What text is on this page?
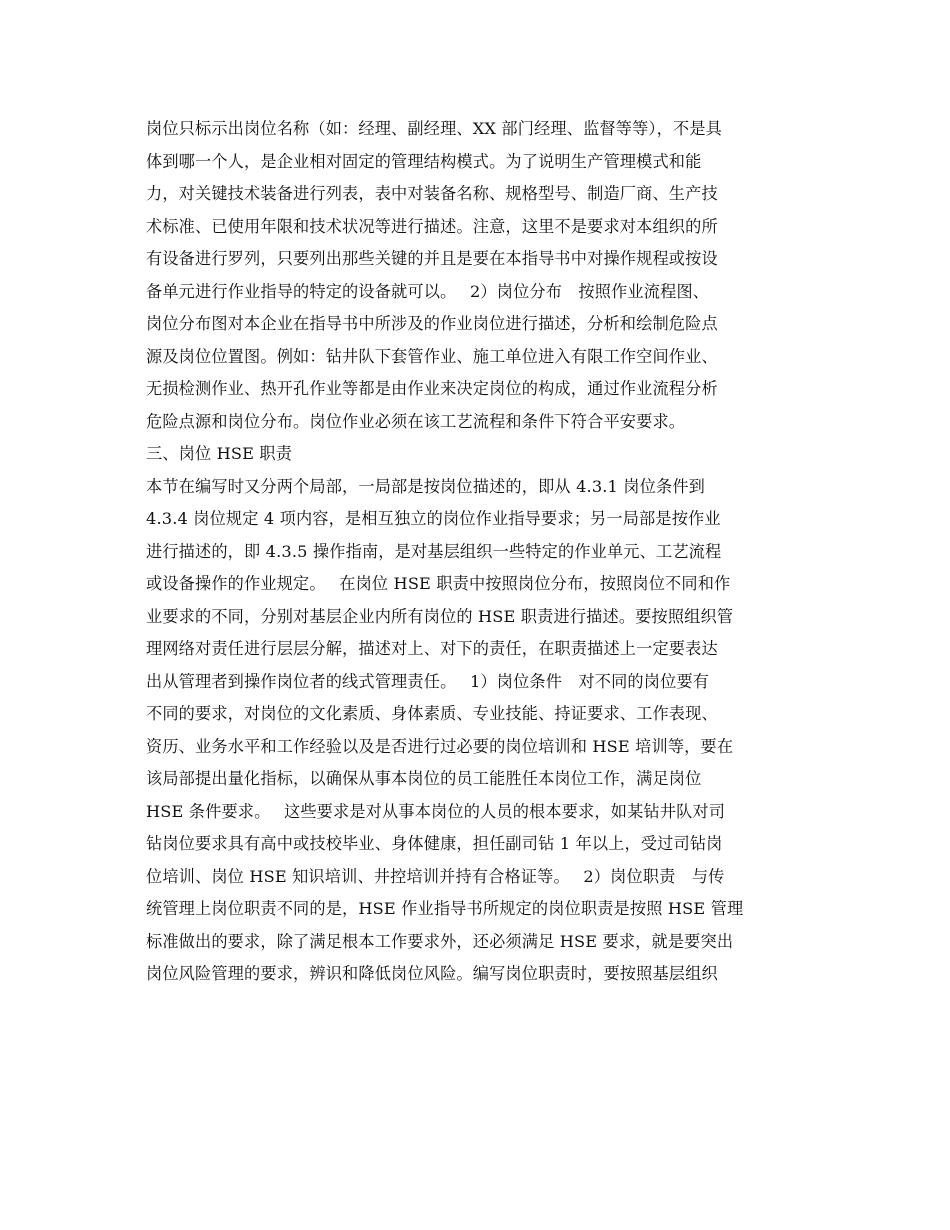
岗位只标示出岗位名称（如：经理、副经理、XX 部门经理、监督等等），不是具
体到哪一个人，是企业相对固定的管理结构模式。为了说明生产管理模式和能
力，对关键技术装备进行列表，表中对装备名称、规格型号、制造厂商、生产技
术标准、已使用年限和技术状况等进行描述。注意，这里不是要求对本组织的所
有设备进行罗列，只要列出那些关键的并且是要在本指导书中对操作规程或按设
备单元进行作业指导的特定的设备就可以。　 2）岗位分布　按照作业流程图、
岗位分布图对本企业在指导书中所涉及的作业岗位进行描述，分析和绘制危险点
源及岗位位置图。例如：钻井队下套管作业、施工单位进入有限工作空间作业、
无损检测作业、热开孔作业等都是由作业来决定岗位的构成，通过作业流程分析
危险点源和岗位分布。岗位作业必须在该工艺流程和条件下符合平安要求。
三、岗位 HSE 职责
本节在编写时又分两个局部，一局部是按岗位描述的，即从 4.3.1 岗位条件到
4.3.4 岗位规定 4 项内容，是相互独立的岗位作业指导要求；另一局部是按作业
进行描述的，即 4.3.5 操作指南，是对基层组织一些特定的作业单元、工艺流程
或设备操作的作业规定。　 在岗位 HSE 职责中按照岗位分布，按照岗位不同和作
业要求的不同，分别对基层企业内所有岗位的 HSE 职责进行描述。要按照组织管
理网络对责任进行层层分解，描述对上、对下的责任，在职责描述上一定要表达
出从管理者到操作岗位者的线式管理责任。　 1）岗位条件　对不同的岗位要有
不同的要求，对岗位的文化素质、身体素质、专业技能、持证要求、工作表现、
资历、业务水平和工作经验以及是否进行过必要的岗位培训和 HSE 培训等，要在
该局部提出量化指标，以确保从事本岗位的员工能胜任本岗位工作，满足岗位
HSE 条件要求。　 这些要求是对从事本岗位的人员的根本要求，如某钻井队对司
钻岗位要求具有高中或技校毕业、身体健康，担任副司钻 1 年以上，受过司钻岗
位培训、岗位 HSE 知识培训、井控培训并持有合格证等。　 2）岗位职责　与传
统管理上岗位职责不同的是，HSE 作业指导书所规定的岗位职责是按照 HSE 管理
标准做出的要求，除了满足根本工作要求外，还必须满足 HSE 要求，就是要突出
岗位风险管理的要求，辨识和降低岗位风险。编写岗位职责时，要按照基层组织
